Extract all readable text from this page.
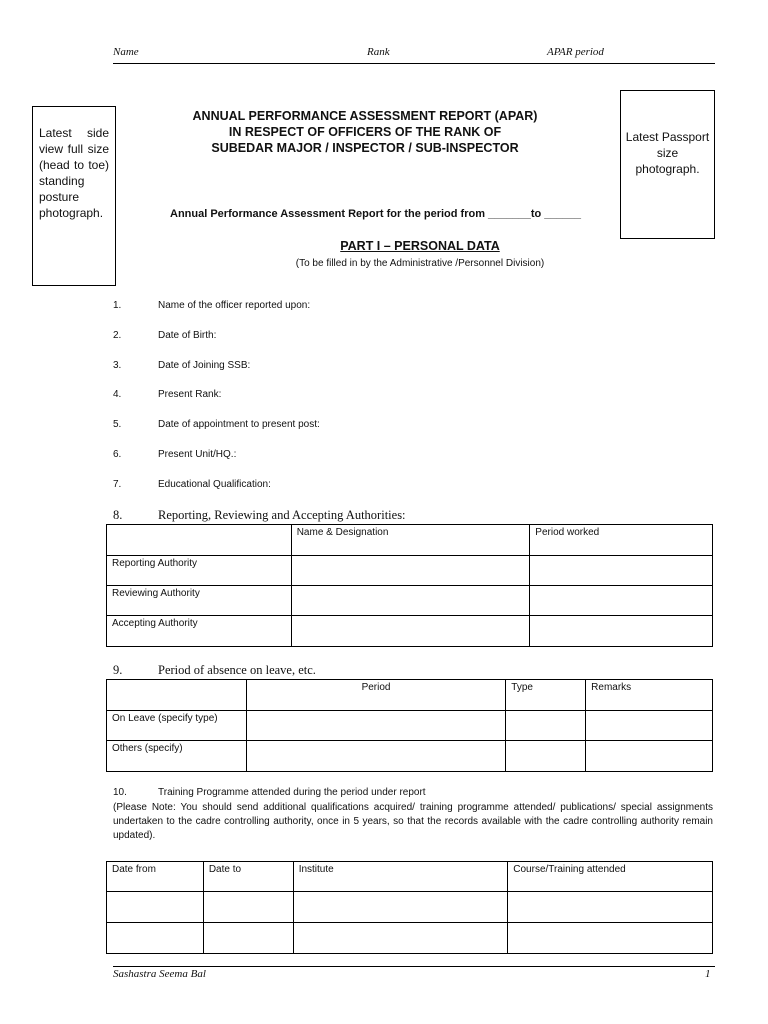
Name	Rank	APAR period
Latest side view full size (head to toe) standing posture photograph.
Latest Passport size photograph.
ANNUAL PERFORMANCE ASSESSMENT REPORT (APAR)
IN RESPECT OF OFFICERS OF THE RANK OF
SUBEDAR MAJOR / INSPECTOR / SUB-INSPECTOR
Annual Performance Assessment Report for the period from _______to ______
PART I – PERSONAL DATA
(To be filled in by the Administrative /Personnel Division)
1.	Name of the officer reported upon:
2.	Date of Birth:
3.	Date of Joining SSB:
4.	Present Rank:
5.	Date of appointment to present post:
6.	Present Unit/HQ.:
7.	Educational Qualification:
8.	Reporting, Reviewing and Accepting Authorities:
	Name & Designation	Period worked
Reporting Authority		
Reviewing Authority		
Accepting Authority		
9.	Period of absence on leave, etc.
	Period	Type	Remarks
On Leave (specify type)			
Others (specify)			
10.	Training Programme attended during the period under report
(Please Note: You should send additional qualifications acquired/ training programme attended/ publications/ special assignments undertaken to the cadre controlling authority, once in 5 years, so that the records available with the cadre controlling authority remain updated).
Date from	Date to	Institute	Course/Training attended

Sashastra Seema Bal	1
